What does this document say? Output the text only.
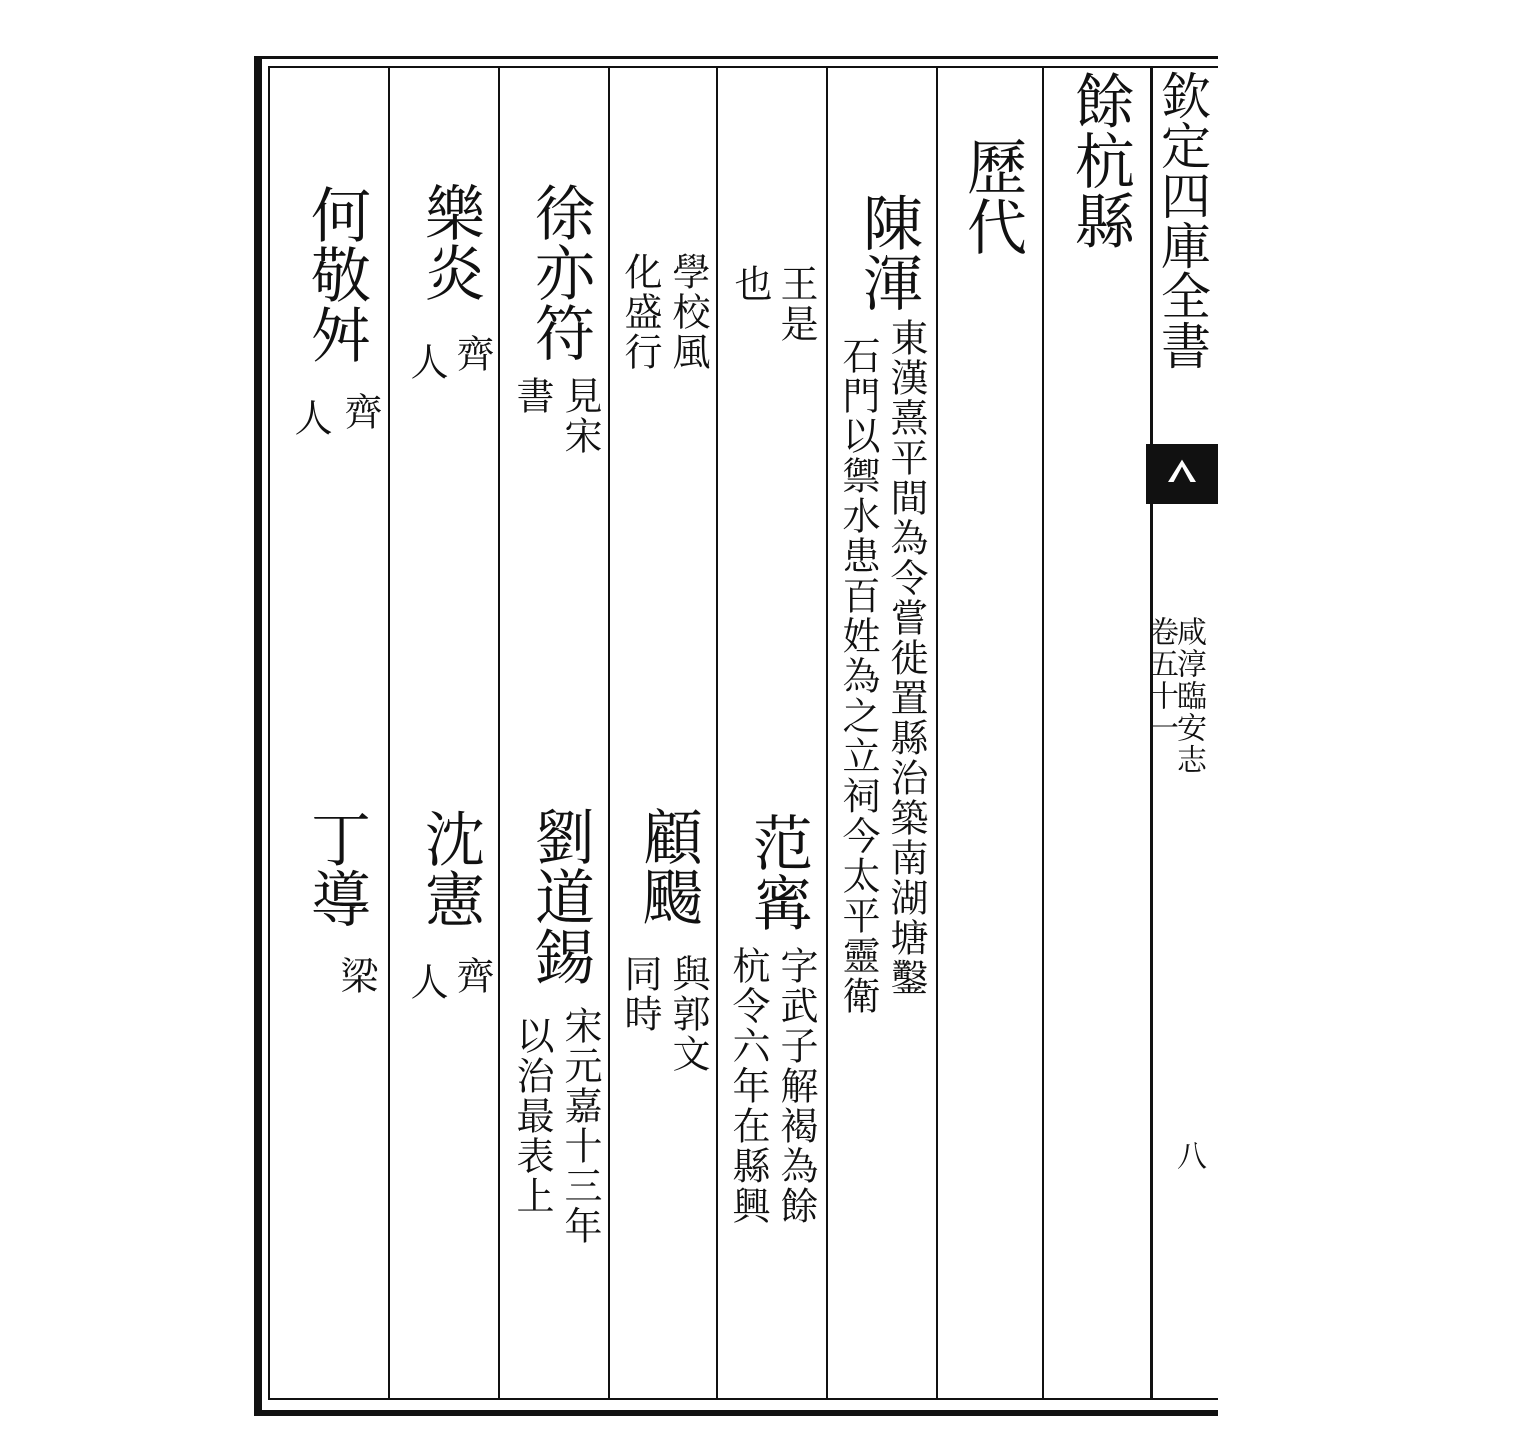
欽定四庫全書
咸淳臨安志
卷五十一
八
餘杭縣
歷代
陳渾
東漢熹平間為令嘗徙置縣治築南湖塘鑿
石門以禦水患百姓為之立祠今太平靈衛
王是
也
范寗
字武子解褐為餘
杭令六年在縣興
學校風
化盛行
顧颺
與郭文
同時
徐亦符
見宋
書
劉道錫
宋元嘉十三年
以治最表上
樂炎
齊
人
沈憲
齊
人
何敬舛
齊
人
丁導
梁
